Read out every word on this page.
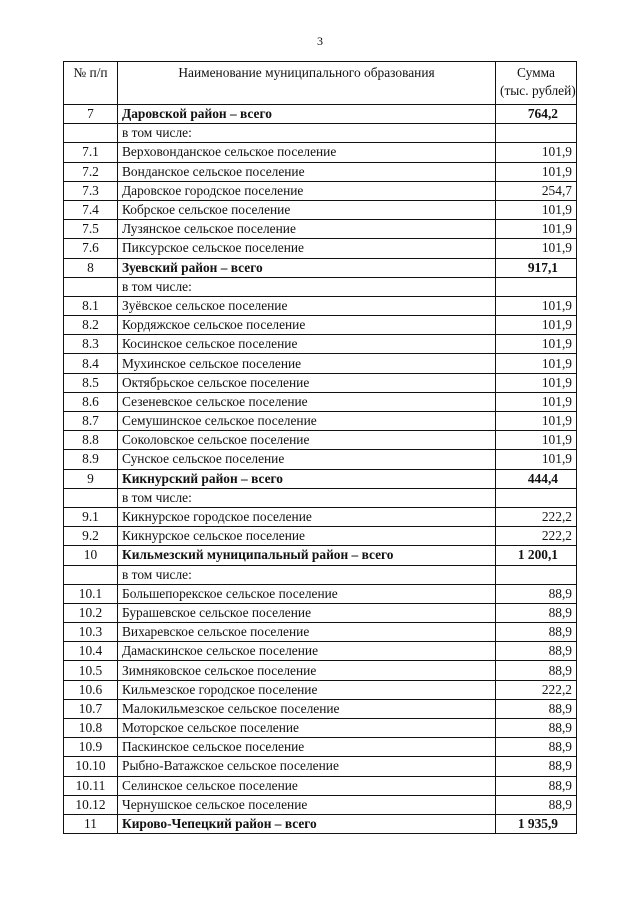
3
№ п/п	Наименование муниципального образования	Сумма
(тыс. рублей)

7	Даровской район – всего	764,2
	в том числе:	
7.1	Верховонданское сельское поселение	101,9
7.2	Вонданское сельское поселение	101,9
7.3	Даровское городское поселение	254,7
7.4	Кобрское сельское поселение	101,9
7.5	Лузянское сельское поселение	101,9
7.6	Пиксурское сельское поселение	101,9
8	Зуевский район – всего	917,1
	в том числе:	
8.1	Зуёвское сельское поселение	101,9
8.2	Кордяжское сельское поселение	101,9
8.3	Косинское сельское поселение	101,9
8.4	Мухинское сельское поселение	101,9
8.5	Октябрьское сельское поселение	101,9
8.6	Сезеневское сельское поселение	101,9
8.7	Семушинское сельское поселение	101,9
8.8	Соколовское сельское поселение	101,9
8.9	Сунское сельское поселение	101,9
9	Кикнурский район – всего	444,4
	в том числе:	
9.1	Кикнурское городское поселение	222,2
9.2	Кикнурское сельское поселение	222,2
10	Кильмезский муниципальный район – всего	1 200,1
	в том числе:	
10.1	Большепорекское сельское поселение	88,9
10.2	Бурашевское сельское поселение	88,9
10.3	Вихаревское сельское поселение	88,9
10.4	Дамаскинское сельское поселение	88,9
10.5	Зимняковское сельское поселение	88,9
10.6	Кильмезское городское поселение	222,2
10.7	Малокильмезское сельское поселение	88,9
10.8	Моторское сельское поселение	88,9
10.9	Паскинское сельское поселение	88,9
10.10	Рыбно-Ватажское сельское поселение	88,9
10.11	Селинское сельское поселение	88,9
10.12	Чернушское сельское поселение	88,9
11	Кирово-Чепецкий район – всего	1 935,9
